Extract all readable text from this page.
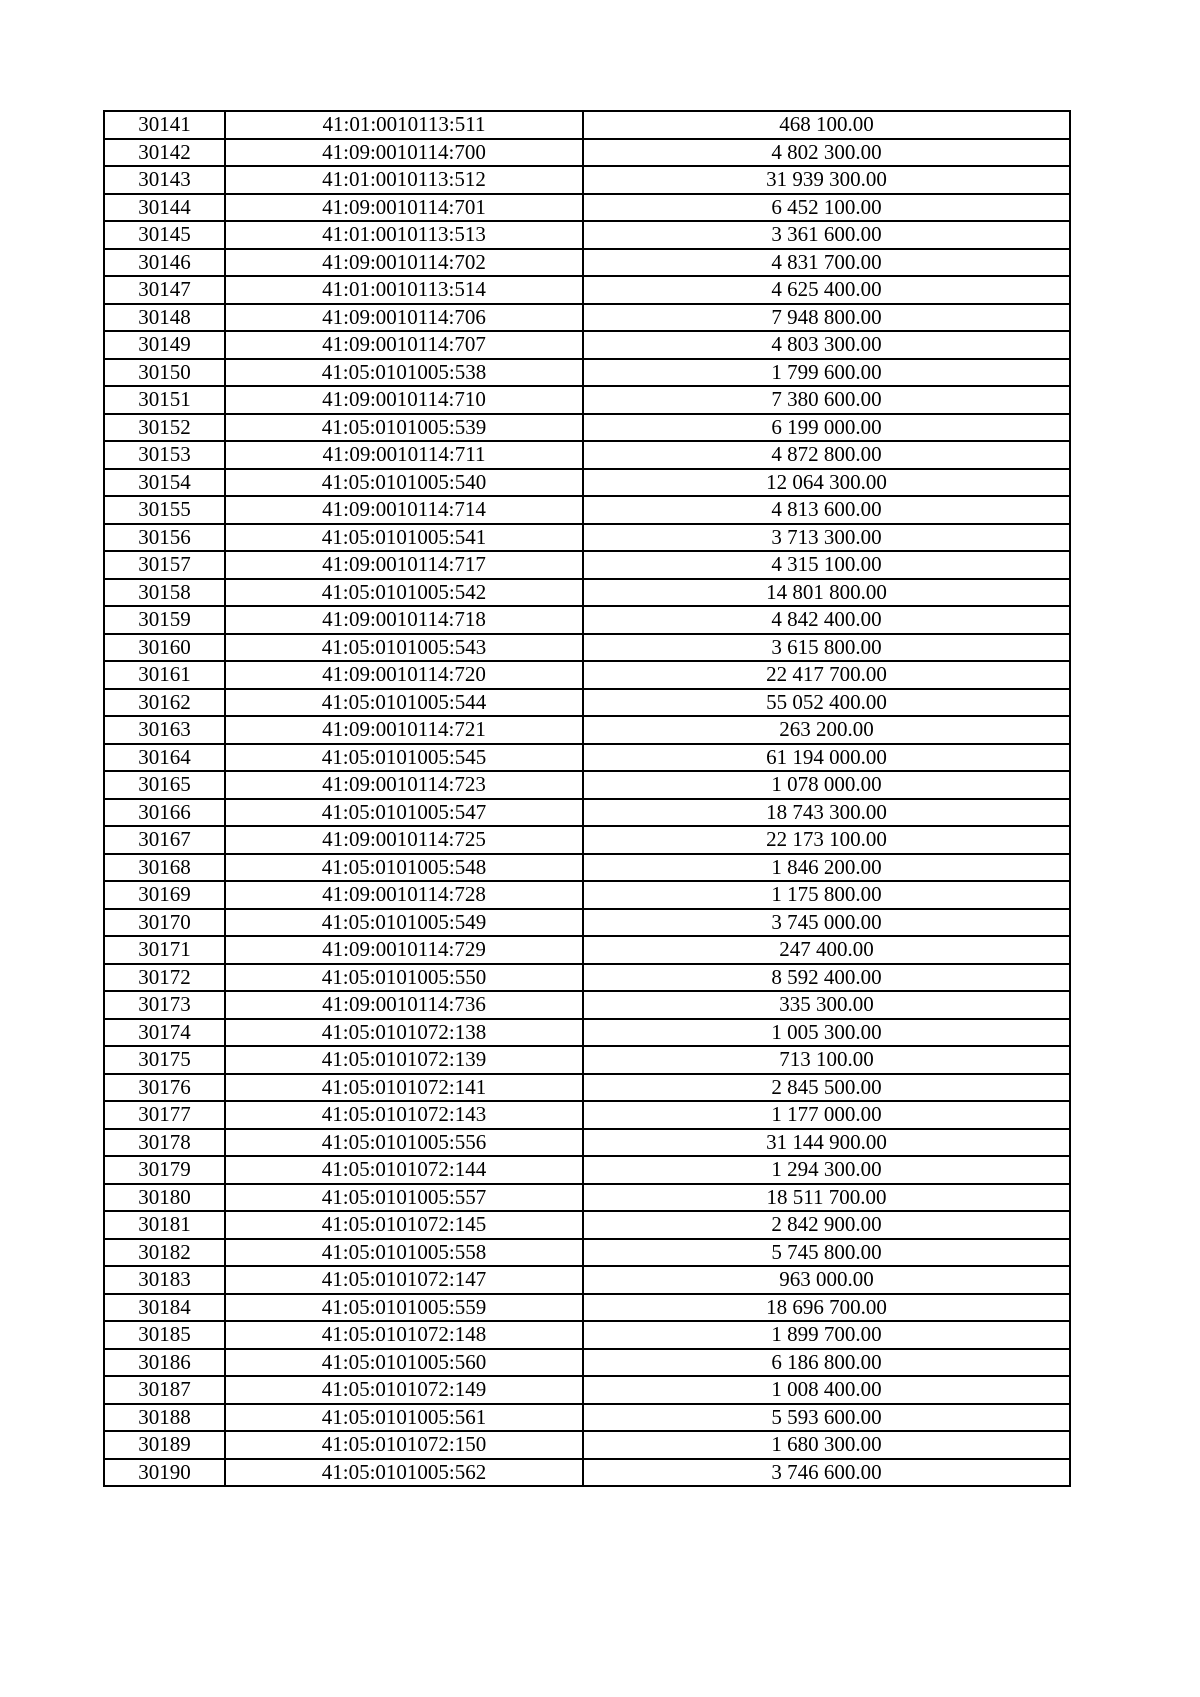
30141	41:01:0010113:511	468 100.00
30142	41:09:0010114:700	4 802 300.00
30143	41:01:0010113:512	31 939 300.00
30144	41:09:0010114:701	6 452 100.00
30145	41:01:0010113:513	3 361 600.00
30146	41:09:0010114:702	4 831 700.00
30147	41:01:0010113:514	4 625 400.00
30148	41:09:0010114:706	7 948 800.00
30149	41:09:0010114:707	4 803 300.00
30150	41:05:0101005:538	1 799 600.00
30151	41:09:0010114:710	7 380 600.00
30152	41:05:0101005:539	6 199 000.00
30153	41:09:0010114:711	4 872 800.00
30154	41:05:0101005:540	12 064 300.00
30155	41:09:0010114:714	4 813 600.00
30156	41:05:0101005:541	3 713 300.00
30157	41:09:0010114:717	4 315 100.00
30158	41:05:0101005:542	14 801 800.00
30159	41:09:0010114:718	4 842 400.00
30160	41:05:0101005:543	3 615 800.00
30161	41:09:0010114:720	22 417 700.00
30162	41:05:0101005:544	55 052 400.00
30163	41:09:0010114:721	263 200.00
30164	41:05:0101005:545	61 194 000.00
30165	41:09:0010114:723	1 078 000.00
30166	41:05:0101005:547	18 743 300.00
30167	41:09:0010114:725	22 173 100.00
30168	41:05:0101005:548	1 846 200.00
30169	41:09:0010114:728	1 175 800.00
30170	41:05:0101005:549	3 745 000.00
30171	41:09:0010114:729	247 400.00
30172	41:05:0101005:550	8 592 400.00
30173	41:09:0010114:736	335 300.00
30174	41:05:0101072:138	1 005 300.00
30175	41:05:0101072:139	713 100.00
30176	41:05:0101072:141	2 845 500.00
30177	41:05:0101072:143	1 177 000.00
30178	41:05:0101005:556	31 144 900.00
30179	41:05:0101072:144	1 294 300.00
30180	41:05:0101005:557	18 511 700.00
30181	41:05:0101072:145	2 842 900.00
30182	41:05:0101005:558	5 745 800.00
30183	41:05:0101072:147	963 000.00
30184	41:05:0101005:559	18 696 700.00
30185	41:05:0101072:148	1 899 700.00
30186	41:05:0101005:560	6 186 800.00
30187	41:05:0101072:149	1 008 400.00
30188	41:05:0101005:561	5 593 600.00
30189	41:05:0101072:150	1 680 300.00
30190	41:05:0101005:562	3 746 600.00
